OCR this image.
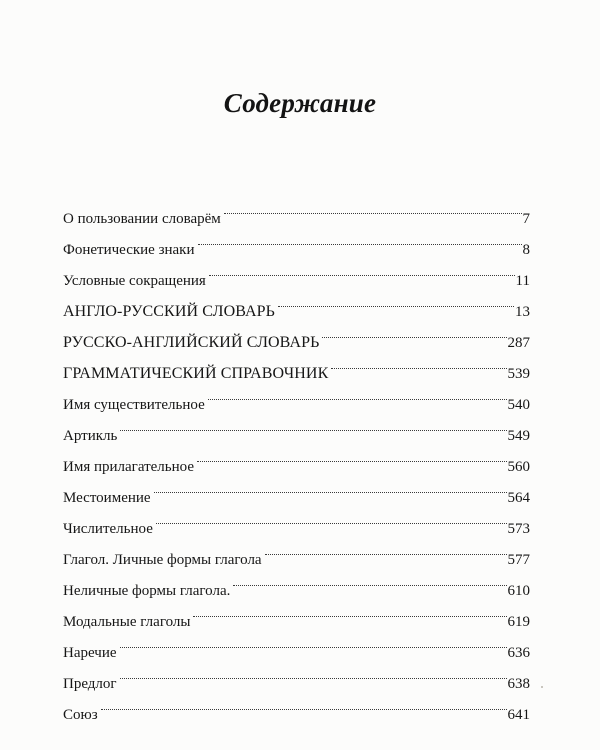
Содержание
О пользовании словарём	7
Фонетические знаки	8
Условные сокращения	11
АНГЛО-РУССКИЙ СЛОВАРЬ	13
РУССКО-АНГЛИЙСКИЙ СЛОВАРЬ	287
ГРАММАТИЧЕСКИЙ СПРАВОЧНИК	539
Имя существительное	540
Артикль	549
Имя прилагательное	560
Местоимение	564
Числительное	573
Глагол. Личные формы глагола	577
Неличные формы глагола.	610
Модальные глаголы	619
Наречие	636
Предлог	638
Союз	641
